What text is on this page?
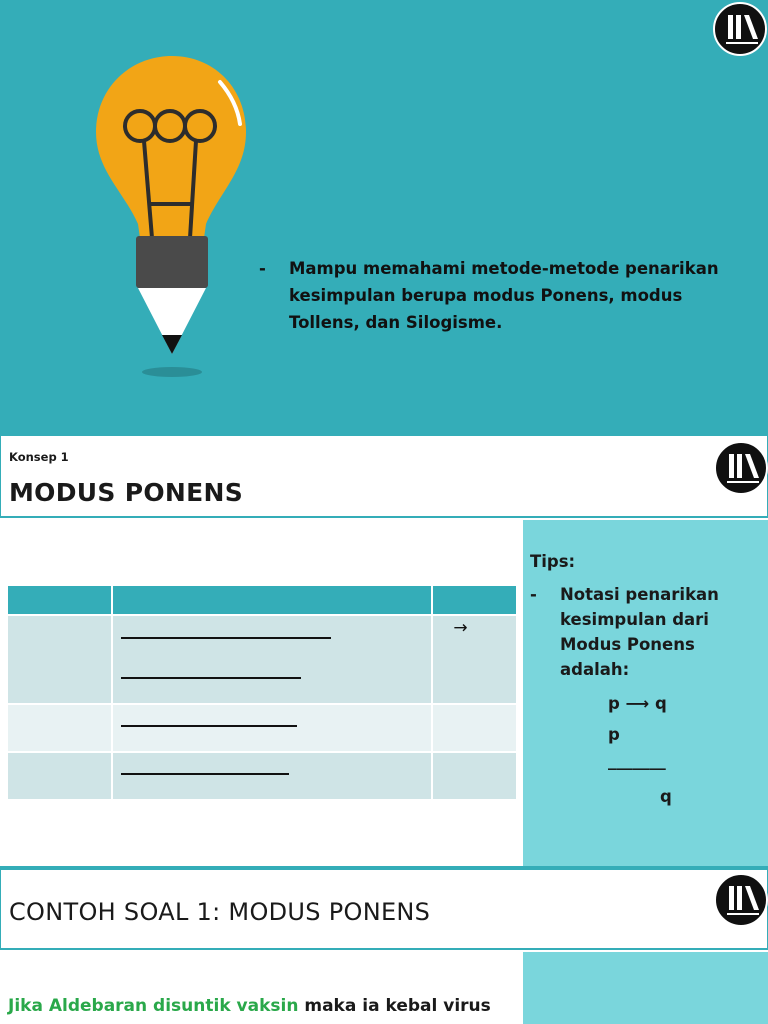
-	Mampu memahami metode-metode penarikan kesimpulan berupa modus Ponens, modus Tollens, dan Silogisme.
Konsep 1
MODUS PONENS

		→

Tips:
- Notasi penarikan
kesimpulan dari
Modus Ponens
adalah:
p ⟶ q
p
_______
q
CONTOH SOAL 1: MODUS PONENS
Jika Aldebaran disuntik vaksin maka ia kebal virus
